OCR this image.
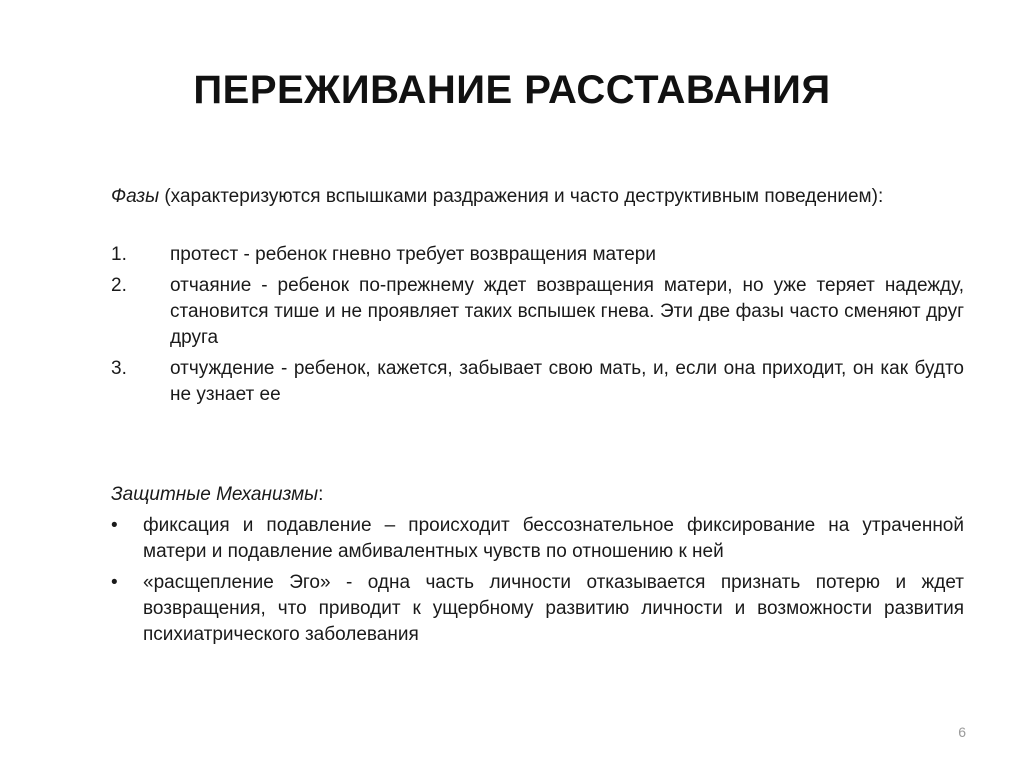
ПЕРЕЖИВАНИЕ РАССТАВАНИЯ
Фазы (характеризуются вспышками раздражения и часто деструктивным поведением):
1. протест - ребенок гневно требует возвращения матери
2. отчаяние - ребенок по-прежнему ждет возвращения матери, но уже теряет надежду, становится тише и не проявляет таких вспышек гнева. Эти две фазы часто сменяют друг друга
3. отчуждение - ребенок, кажется, забывает свою мать, и, если она приходит, он как будто не узнает ее
Защитные Механизмы:
• фиксация и подавление – происходит бессознательное фиксирование на утраченной матери и подавление амбивалентных чувств по отношению к ней
• «расщепление Эго» - одна часть личности отказывается признать потерю и ждет возвращения, что приводит к ущербному развитию личности и возможности развития психиатрического заболевания
6
